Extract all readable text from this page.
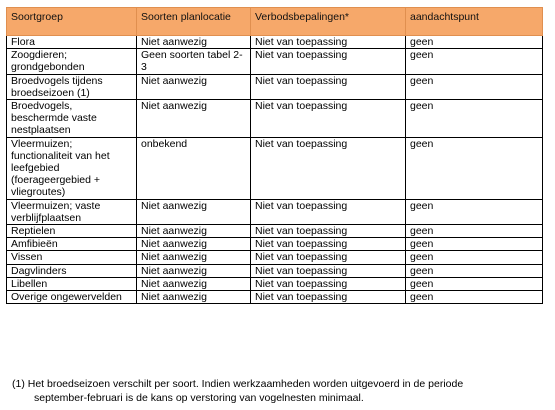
Soortgroep	Soorten planlocatie	Verbodsbepalingen*	aandachtspunt
Flora	Niet aanwezig	Niet van toepassing	geen
Zoogdieren; grondgebonden	Geen soorten tabel 2-3	Niet van toepassing	geen
Broedvogels tijdens broedseizoen (1)	Niet aanwezig	Niet van toepassing	geen
Broedvogels, beschermde vaste nestplaatsen	Niet aanwezig	Niet van toepassing	geen
Vleermuizen; functionaliteit van het leefgebied (foerageergebied + vliegroutes)	onbekend	Niet van toepassing	geen
Vleermuizen; vaste verblijfplaatsen	Niet aanwezig	Niet van toepassing	geen
Reptielen	Niet aanwezig	Niet van toepassing	geen
Amfibieën	Niet aanwezig	Niet van toepassing	geen
Vissen	Niet aanwezig	Niet van toepassing	geen
Dagvlinders	Niet aanwezig	Niet van toepassing	geen
Libellen	Niet aanwezig	Niet van toepassing	geen
Overige ongewervelden	Niet aanwezig	Niet van toepassing	geen
(1) Het broedseizoen verschilt per soort. Indien werkzaamheden worden uitgevoerd in de periode
september-februari is de kans op verstoring van vogelnesten minimaal.
